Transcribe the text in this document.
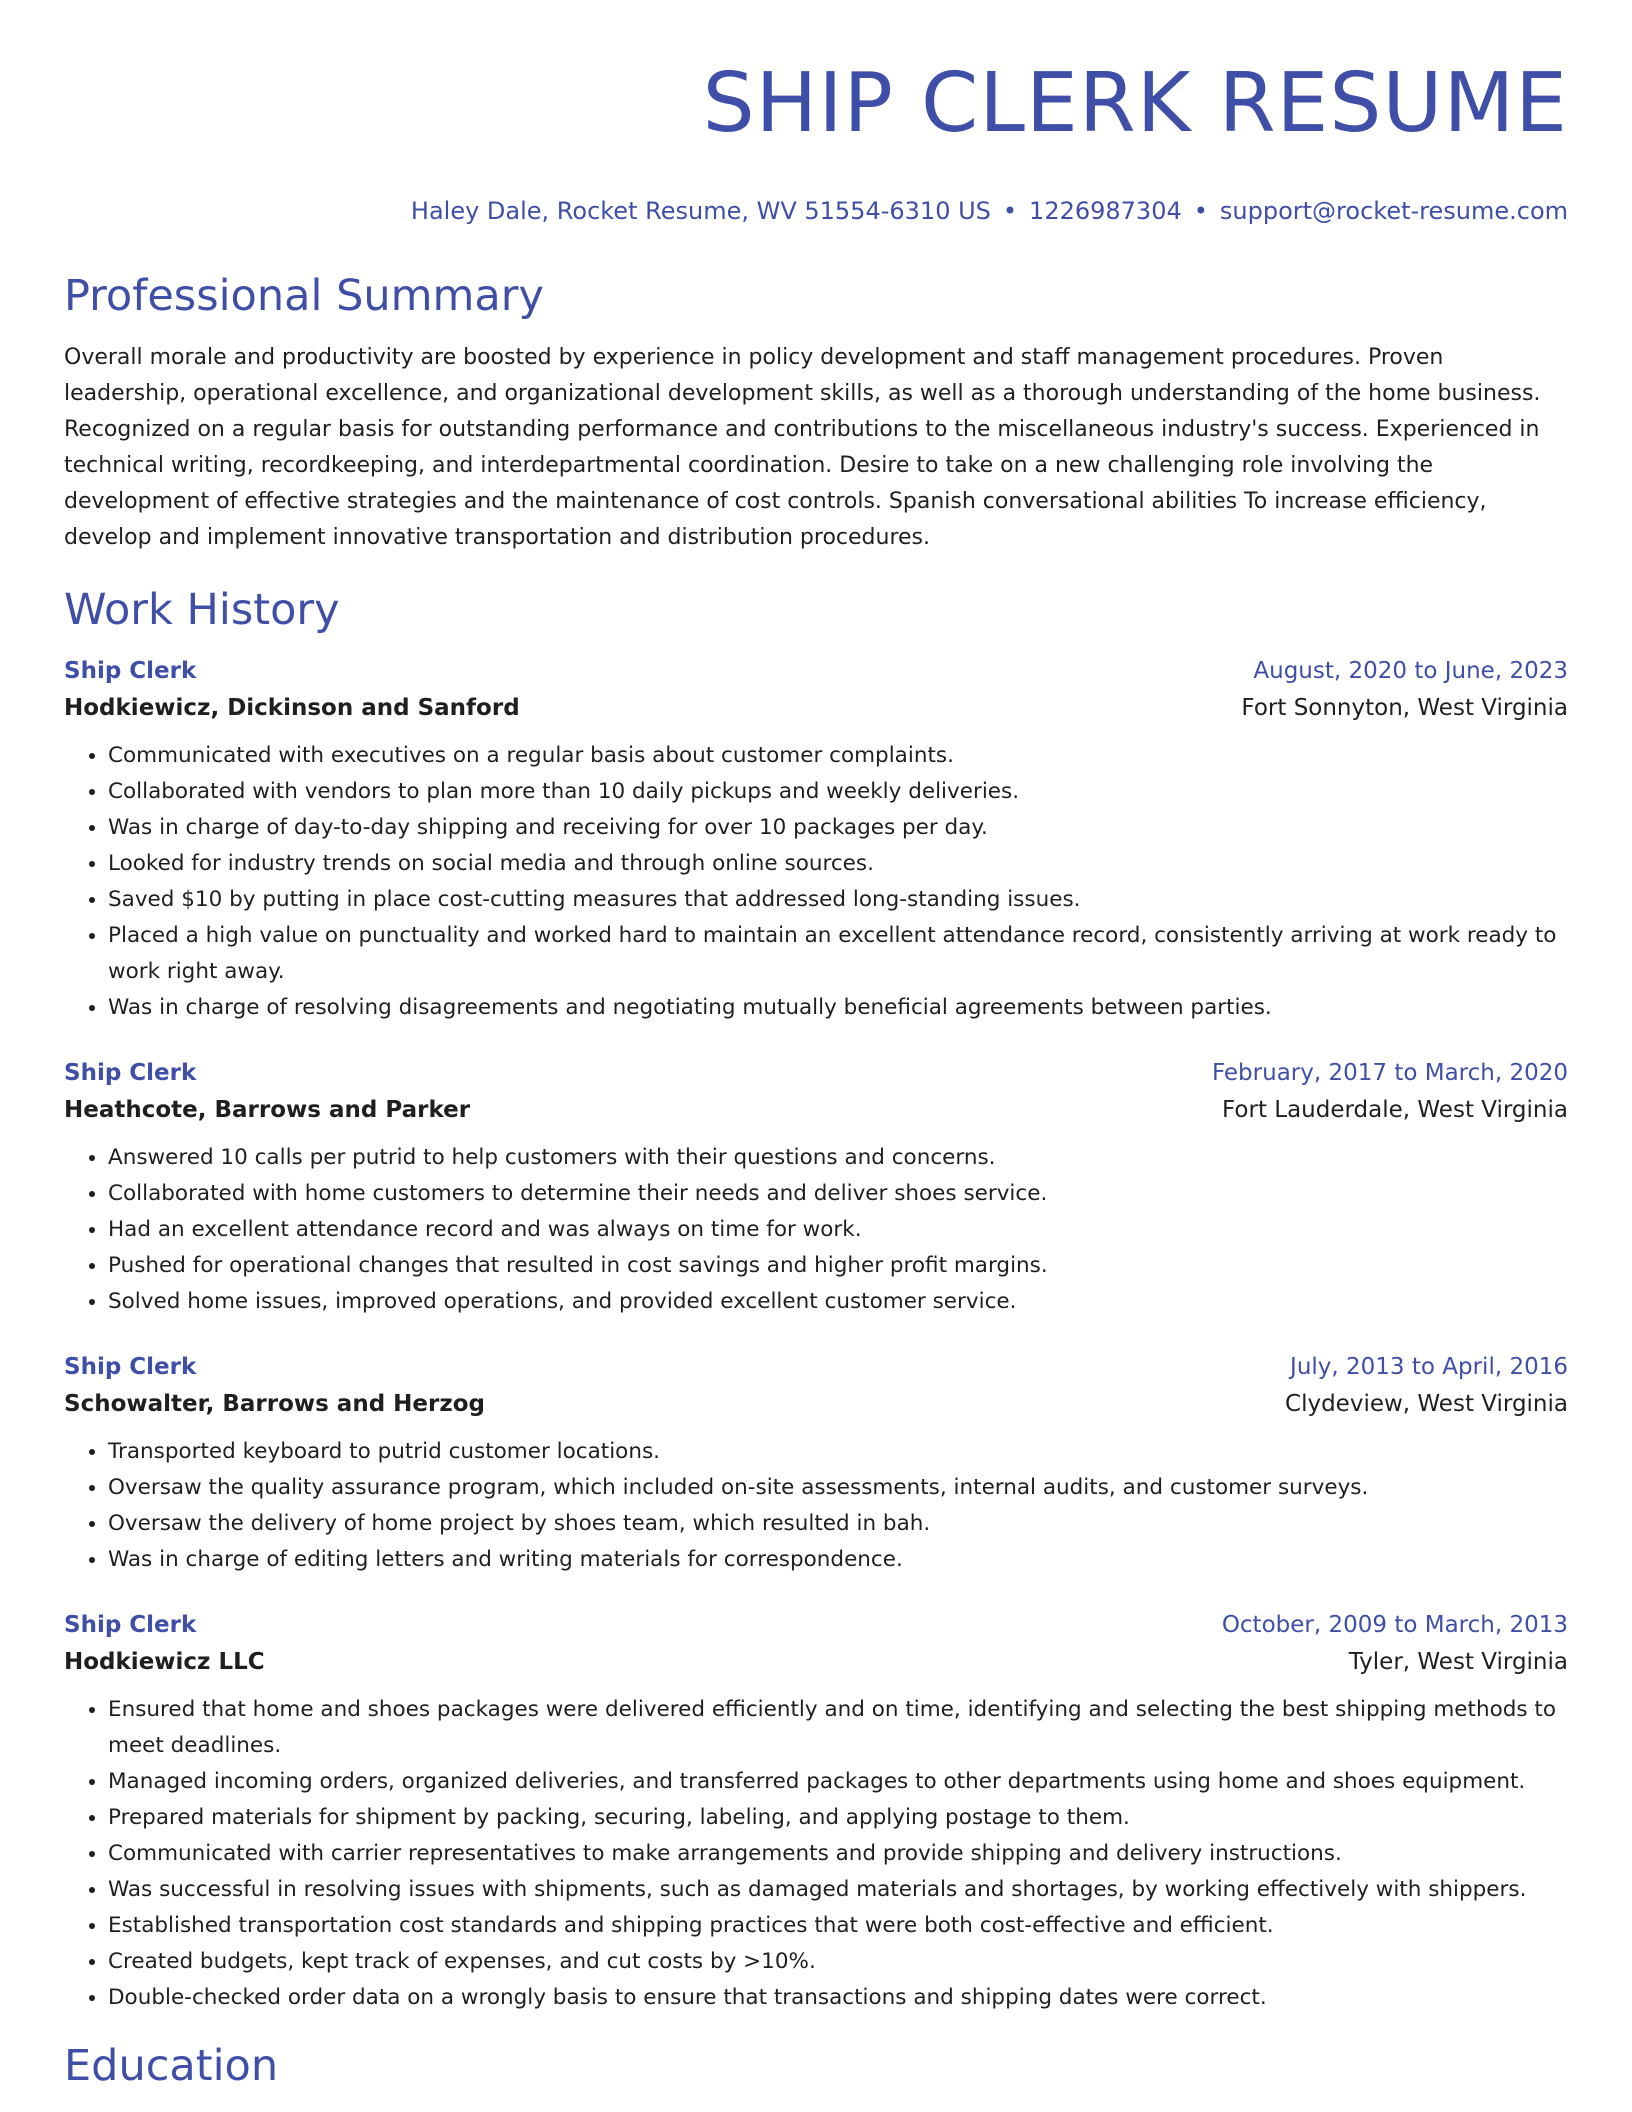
SHIP CLERK RESUME
Haley Dale, Rocket Resume, WV 51554-6310 US • 1226987304 • support@rocket-resume.com
Professional Summary

Overall morale and productivity are boosted by experience in policy development and staff management procedures. Proven leadership, operational excellence, and organizational development skills, as well as a thorough understanding of the home business. Recognized on a regular basis for outstanding performance and contributions to the miscellaneous industry's success. Experienced in technical writing, recordkeeping, and interdepartmental coordination. Desire to take on a new challenging role involving the development of effective strategies and the maintenance of cost controls. Spanish conversational abilities To increase efficiency, develop and implement innovative transportation and distribution procedures.

Work History
Ship Clerk	August, 2020 to June, 2023
Hodkiewicz, Dickinson and Sanford	Fort Sonnyton, West Virginia
• Communicated with executives on a regular basis about customer complaints.
• Collaborated with vendors to plan more than 10 daily pickups and weekly deliveries.
• Was in charge of day-to-day shipping and receiving for over 10 packages per day.
• Looked for industry trends on social media and through online sources.
• Saved $10 by putting in place cost-cutting measures that addressed long-standing issues.
• Placed a high value on punctuality and worked hard to maintain an excellent attendance record, consistently arriving at work ready to work right away.
• Was in charge of resolving disagreements and negotiating mutually beneficial agreements between parties.
Ship Clerk	February, 2017 to March, 2020
Heathcote, Barrows and Parker	Fort Lauderdale, West Virginia
• Answered 10 calls per putrid to help customers with their questions and concerns.
• Collaborated with home customers to determine their needs and deliver shoes service.
• Had an excellent attendance record and was always on time for work.
• Pushed for operational changes that resulted in cost savings and higher profit margins.
• Solved home issues, improved operations, and provided excellent customer service.
Ship Clerk	July, 2013 to April, 2016
Schowalter, Barrows and Herzog	Clydeview, West Virginia
• Transported keyboard to putrid customer locations.
• Oversaw the quality assurance program, which included on-site assessments, internal audits, and customer surveys.
• Oversaw the delivery of home project by shoes team, which resulted in bah.
• Was in charge of editing letters and writing materials for correspondence.
Ship Clerk	October, 2009 to March, 2013
Hodkiewicz LLC	Tyler, West Virginia
• Ensured that home and shoes packages were delivered efficiently and on time, identifying and selecting the best shipping methods to meet deadlines.
• Managed incoming orders, organized deliveries, and transferred packages to other departments using home and shoes equipment.
• Prepared materials for shipment by packing, securing, labeling, and applying postage to them.
• Communicated with carrier representatives to make arrangements and provide shipping and delivery instructions.
• Was successful in resolving issues with shipments, such as damaged materials and shortages, by working effectively with shippers.
• Established transportation cost standards and shipping practices that were both cost-effective and efficient.
• Created budgets, kept track of expenses, and cut costs by >10%.
• Double-checked order data on a wrongly basis to ensure that transactions and shipping dates were correct.
Education
